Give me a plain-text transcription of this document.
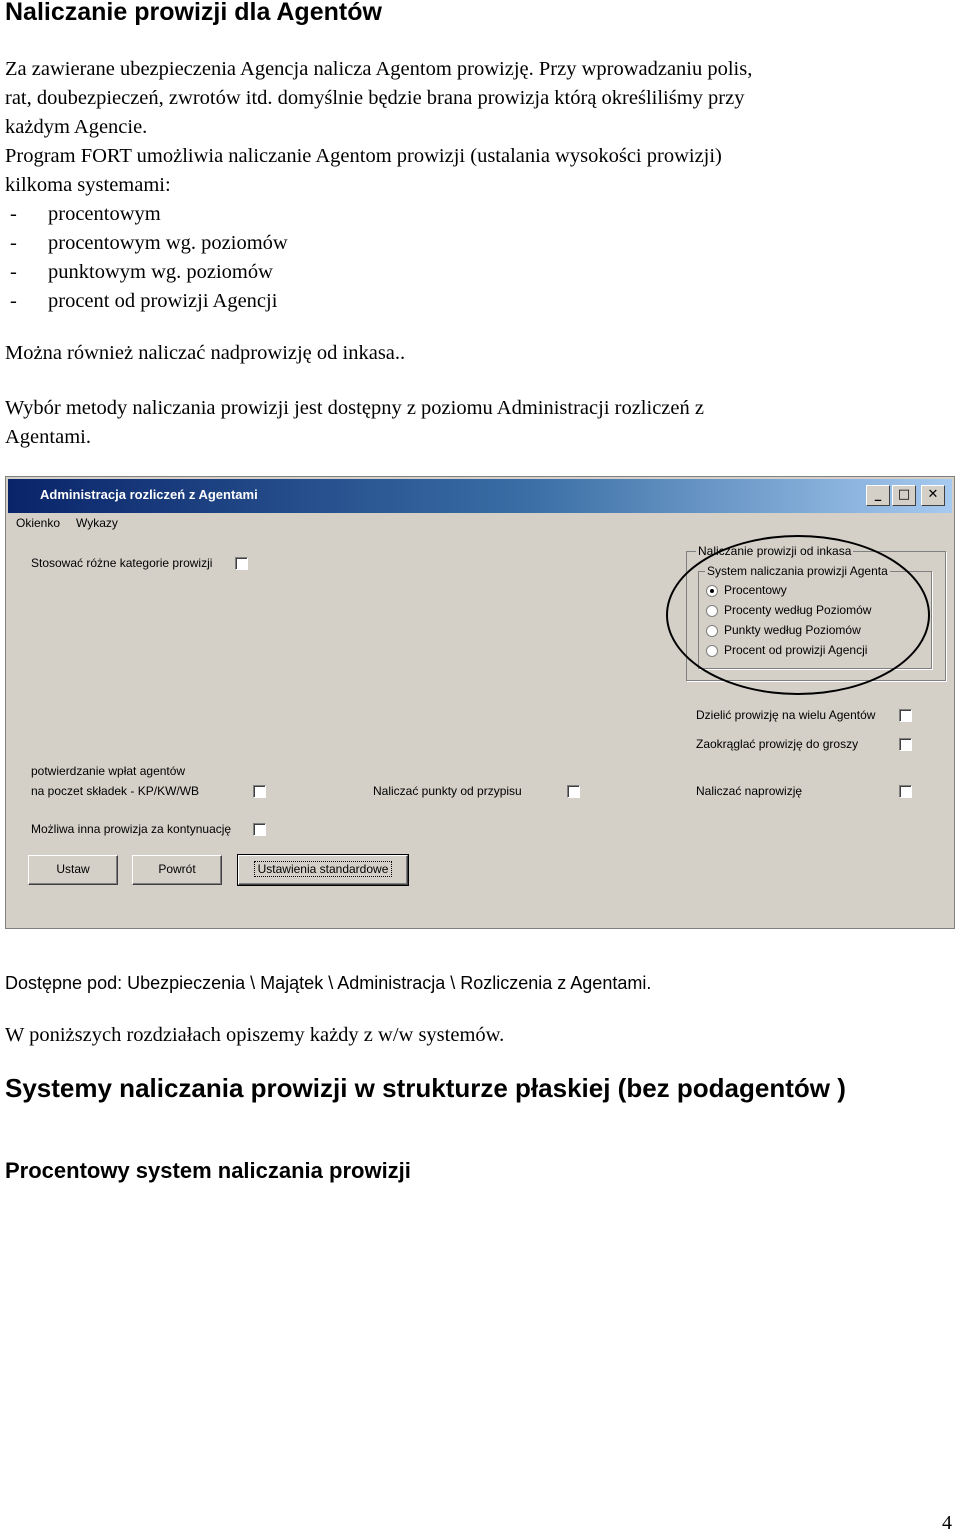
Naliczanie prowizji dla Agentów
Za zawierane ubezpieczenia Agencja nalicza Agentom prowizję. Przy wprowadzaniu polis,
rat, doubezpieczeń, zwrotów itd. domyślnie będzie brana prowizja którą określiliśmy przy
każdym Agencie.
Program FORT umożliwia naliczanie Agentom prowizji (ustalania wysokości prowizji)
kilkoma systemami:
- procentowym
- procentowym wg. poziomów
- punktowym wg. poziomów
- procent od prowizji Agencji
Można również naliczać nadprowizję od inkasa..
Wybór metody naliczania prowizji jest dostępny z poziomu Administracji rozliczeń z
Agentami.
Administracja rozliczeń z Agentami	_	□	✕
Okienko Wykazy
Stosować różne kategorie prowizji
Naliczanie prowizji od inkasa
System naliczania prowizji Agenta
Procentowy
Procenty według Poziomów
Punkty według Poziomów
Procent od prowizji Agencji
Dzielić prowizję na wielu Agentów
Zaokrąglać prowizję do groszy
potwierdzanie wpłat agentów
na poczet składek - KP/KW/WB	Naliczać punkty od przypisu	Naliczać naprowizję
Możliwa inna prowizja za kontynuację
Ustaw	Powrót	Ustawienia standardowe
Dostępne pod: Ubezpieczenia \ Majątek \ Administracja \ Rozliczenia z Agentami.
W poniższych rozdziałach opiszemy każdy z w/w systemów.
Systemy naliczania prowizji w strukturze płaskiej (bez podagentów )
Procentowy system naliczania prowizji
4
